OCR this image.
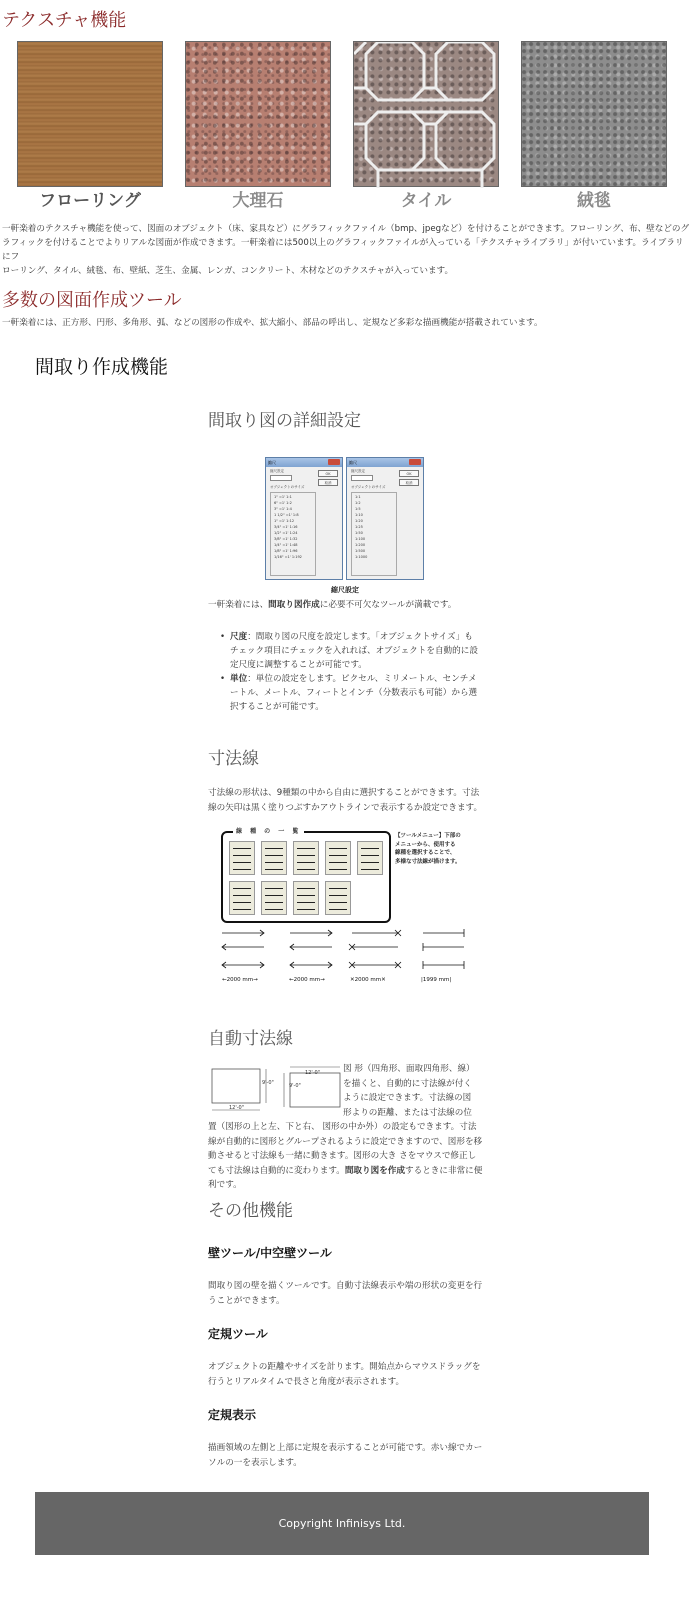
テクスチャ機能
フローリング	大理石	タイル	絨毯
一軒楽着のテクスチャ機能を使って、図面のオブジェクト（床、家具など）にグラフィックファイル（bmp、jpegなど）を付けることができます。フローリング、布、壁などのグ
ラフィックを付けることでよりリアルな図面が作成できます。一軒楽着には500以上のグラフィックファイルが入っている「テクスチャライブラリ」が付いています。ライブラリにフ
ローリング、タイル、絨毯、布、壁紙、芝生、金属、レンガ、コンクリート、木材などのテクスチャが入っています。
多数の図面作成ツール
一軒楽着には、正方形、円形、多角形、弧、などの図形の作成や、拡大縮小、部品の呼出し、定規など多彩な描画機能が搭載されています。
間取り作成機能
間取り図の詳細設定
縮尺
縮尺設定
オブジェクトのサイズ
OK
取消
1" =1' 1:1
6" =1' 1:2
3" =1' 1:4
1 1/2" =1' 1:8
1" =1' 1:12
3/4" =1' 1:16
1/2" =1' 1:24
3/8" =1' 1:32
1/4" =1' 1:48
1/8" =1' 1:96
1/16" =1' 1:192
縮尺
縮尺設定
オブジェクトのサイズ
OK
取消
1:1
1:2
1:5
1:10
1:20
1:25
1:50
1:100
1:200
1:500
1:1000
縮尺設定
一軒楽着には、間取り図作成に必要不可欠なツールが満載です。
• 尺度：間取り図の尺度を設定します。「オブジェクトサイズ」も
チェック項目にチェックを入れれば、オブジェクトを自動的に設
定尺度に調整することが可能です。
• 単位：単位の設定をします。ピクセル、ミリメートル、センチメ
ートル、メートル、フィートとインチ（分数表示も可能）から選
択することが可能です。
寸法線
寸法線の形状は、9種類の中から自由に選択することができます。寸法
線の矢印は黒く塗りつぶすかアウトラインで表示するか設定できます。
線 種 の 一 覧
【ツールメニュー】下部の
メニューから、使用する
線種を選択することで、
多様な寸法線が描けます。
←2000 mm→	←2000 mm→	✕2000 mm✕	|1999 mm|
自動寸法線
12'-0"
9'-0"
12'-0"
9'-0"
図 形（四角形、面取四角形、線）
を描くと、自動的に寸法線が付く
ように設定できます。寸法線の図
形よりの距離、または寸法線の位
置（図形の上と左、下と右、 図形の中か外）の設定もできます。寸法
線が自動的に図形とグループされるように設定できますので、図形を移
動させると寸法線も一緒に動きます。図形の大き さをマウスで修正し
ても寸法線は自動的に変わります。間取り図を作成するときに非常に便
利です。
その他機能
壁ツール/中空壁ツール
間取り図の壁を描くツールです。自動寸法線表示や端の形状の変更を行
うことができます。
定規ツール
オブジェクトの距離やサイズを計ります。開始点からマウスドラッグを
行うとリアルタイムで長さと角度が表示されます。
定規表示
描画領域の左側と上部に定規を表示することが可能です。赤い線でカー
ソルの一を表示します。
Copyright Infinisys Ltd.
